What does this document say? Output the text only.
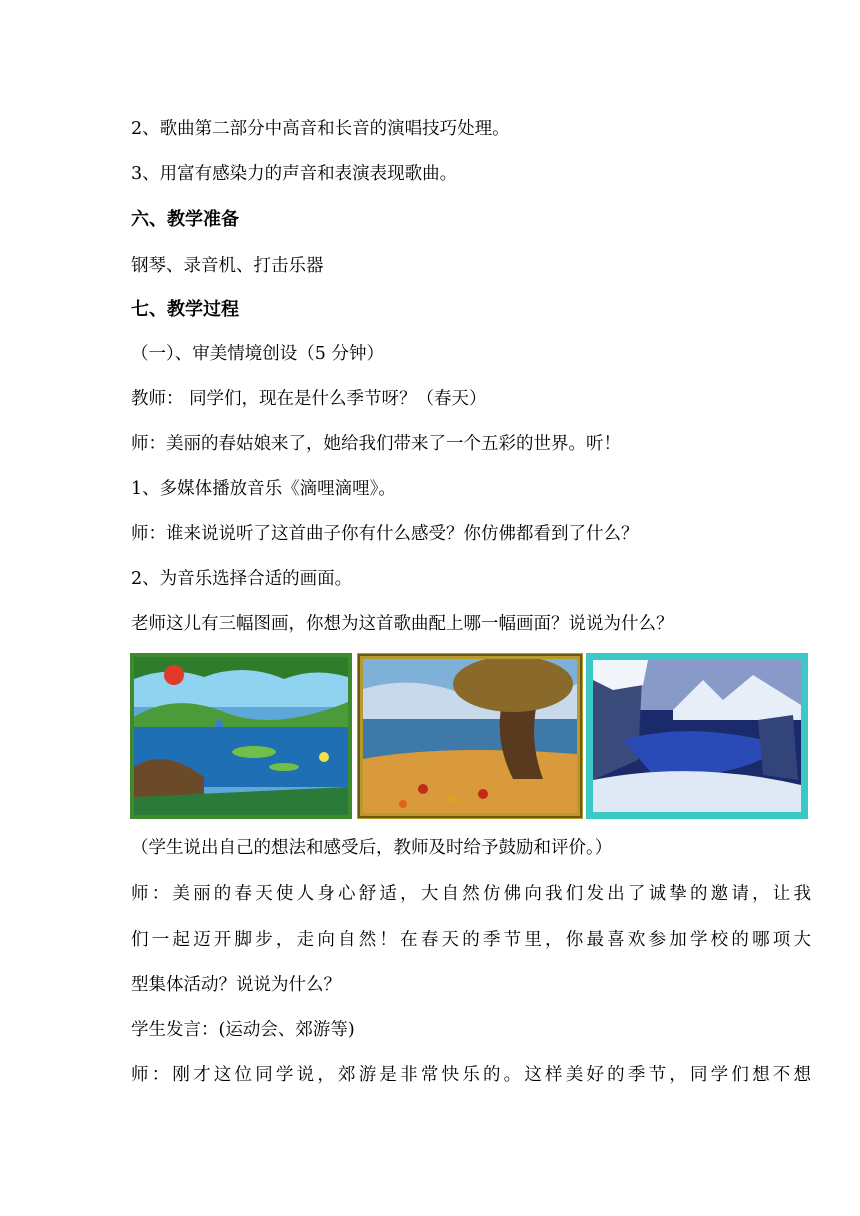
2、歌曲第二部分中高音和长音的演唱技巧处理。
3、用富有感染力的声音和表演表现歌曲。
六、教学准备
钢琴、录音机、打击乐器
七、教学过程
（一）、审美情境创设（5 分钟）
教师： 同学们，现在是什么季节呀？（春天）
师：美丽的春姑娘来了，她给我们带来了一个五彩的世界。听！
1、多媒体播放音乐《滴哩滴哩》。
师：谁来说说听了这首曲子你有什么感受？你仿佛都看到了什么？
2、为音乐选择合适的画面。
老师这儿有三幅图画，你想为这首歌曲配上哪一幅画面？说说为什么？
（学生说出自己的想法和感受后，教师及时给予鼓励和评价。）
师：美丽的春天使人身心舒适，大自然仿佛向我们发出了诚挚的邀请，让我
们一起迈开脚步，走向自然！在春天的季节里，你最喜欢参加学校的哪项大
型集体活动？说说为什么？
学生发言：(运动会、郊游等)
师：刚才这位同学说，郊游是非常快乐的。这样美好的季节，同学们想不想
